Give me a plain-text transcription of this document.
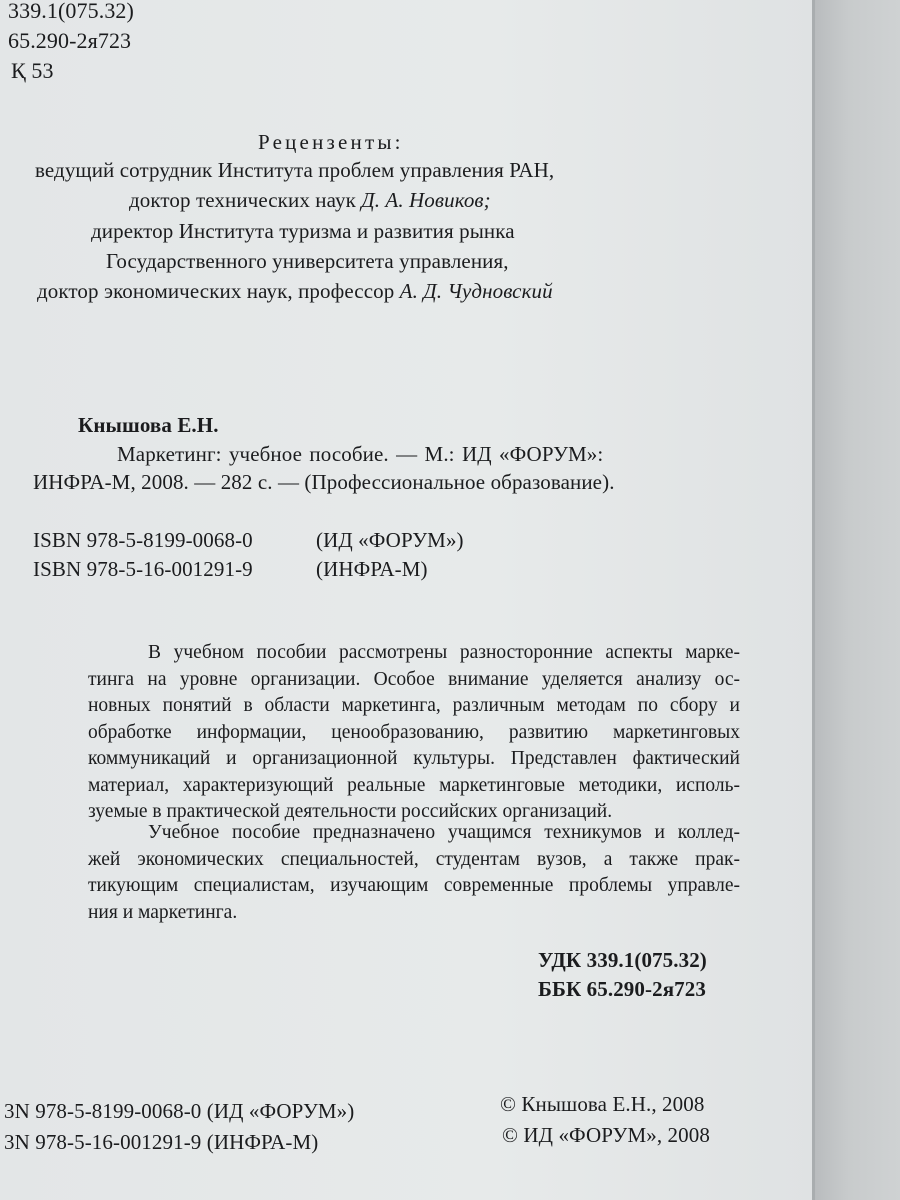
339.1(075.32)
65.290-2я723
Қ 53
Рецензенты:
ведущий сотрудник Института проблем управления РАН,
доктор технических наук Д. А. Новиков;
директор Института туризма и развития рынка
Государственного университета управления,
доктор экономических наук, профессор А. Д. Чудновский
Кнышова Е.Н.
Маркетинг: учебное пособие. — М.: ИД «ФОРУМ»:
ИНФРА-М, 2008. — 282 с. — (Профессиональное образование).
ISBN 978-5-8199-0068-0	(ИД «ФОРУМ»)
ISBN 978-5-16-001291-9	(ИНФРА-М)
В учебном пособии рассмотрены разносторонние аспекты марке-
тинга на уровне организации. Особое внимание уделяется анализу ос-
новных понятий в области маркетинга, различным методам по сбору и
обработке информации, ценообразованию, развитию маркетинговых
коммуникаций и организационной культуры. Представлен фактический
материал, характеризующий реальные маркетинговые методики, исполь-
зуемые в практической деятельности российских организаций.
Учебное пособие предназначено учащимся техникумов и коллед-
жей экономических специальностей, студентам вузов, а также прак-
тикующим специалистам, изучающим современные проблемы управле-
ния и маркетинга.
УДК 339.1(075.32)
ББК 65.290-2я723
3N 978-5-8199-0068-0 (ИД «ФОРУМ»)
3N 978-5-16-001291-9 (ИНФРА-М)
© Кнышова Е.Н., 2008
© ИД «ФОРУМ», 2008
